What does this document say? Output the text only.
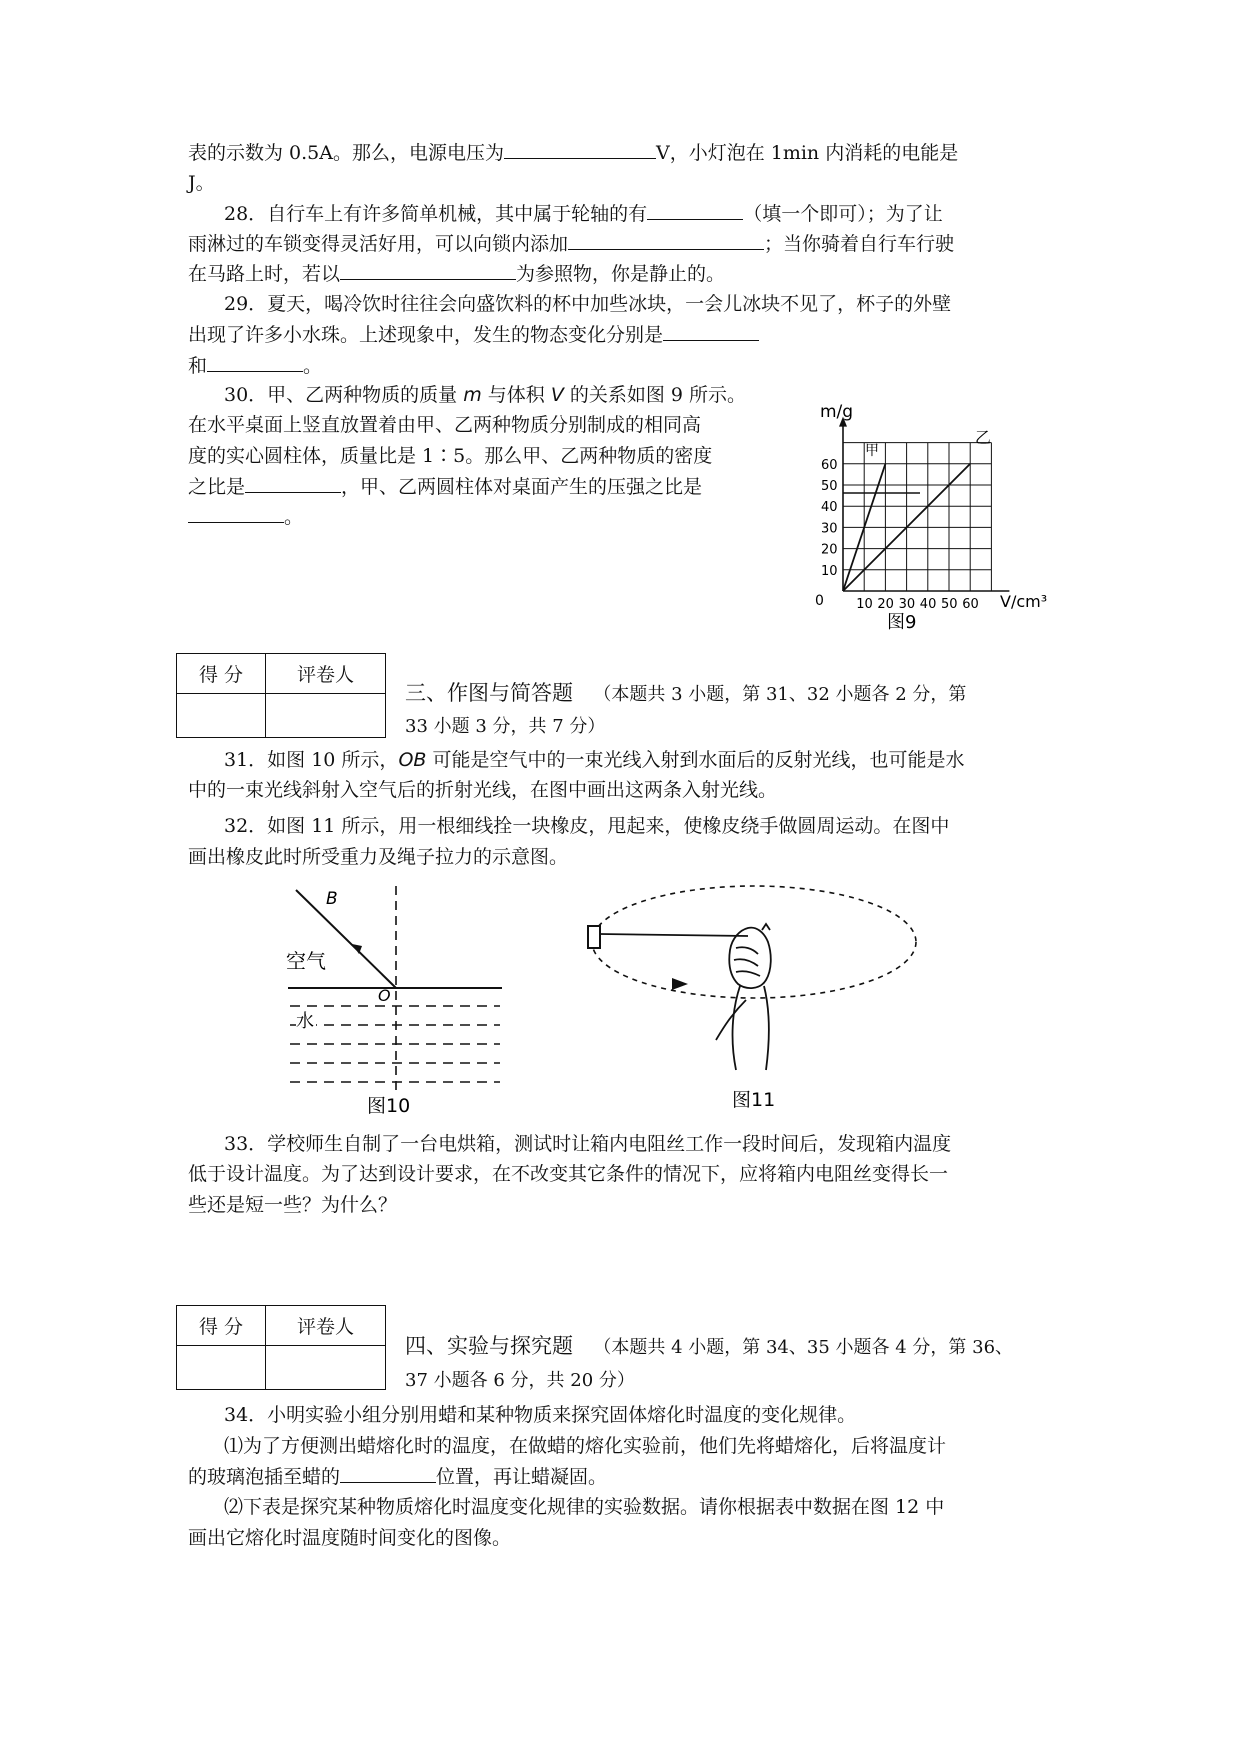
表的示数为 0.5A。那么，电源电压为	V，小灯泡在 1min 内消耗的电能是
J。
28．自行车上有许多简单机械，其中属于轮轴的有	（填一个即可）；为了让
雨淋过的车锁变得灵活好用，可以向锁内添加	；当你骑着自行车行驶
在马路上时，若以	为参照物，你是静止的。
29．夏天，喝冷饮时往往会向盛饮料的杯中加些冰块，一会儿冰块不见了，杯子的外壁
出现了许多小水珠。上述现象中，发生的物态变化分别是
和	。
30．甲、乙两种物质的质量 m 与体积 V 的关系如图 9 所示。
在水平桌面上竖直放置着由甲、乙两种物质分别制成的相同高
度的实心圆柱体，质量比是 1∶5。那么甲、乙两种物质的密度
之比是	，甲、乙两圆柱体对桌面产生的压强之比是
。
10 20 30 40 50 60
10
20
30
40
50
60
m/g
V/cm³
0
甲
乙
图9
得 分	评卷人

三、作图与简答题 （本题共 3 小题，第 31、32 小题各 2 分，第
33 小题 3 分，共 7 分）
31．如图 10 所示，OB 可能是空气中的一束光线入射到水面后的反射光线，也可能是水
中的一束光线斜射入空气后的折射光线，在图中画出这两条入射光线。
32．如图 11 所示，用一根细线拴一块橡皮，甩起来，使橡皮绕手做圆周运动。在图中
画出橡皮此时所受重力及绳子拉力的示意图。
B
空气
O
水
图10	图11
33．学校师生自制了一台电烘箱，测试时让箱内电阻丝工作一段时间后，发现箱内温度
低于设计温度。为了达到设计要求，在不改变其它条件的情况下，应将箱内电阻丝变得长一
些还是短一些？为什么？
得 分	评卷人

四、实验与探究题 （本题共 4 小题，第 34、35 小题各 4 分，第 36、
37 小题各 6 分，共 20 分）
34．小明实验小组分别用蜡和某种物质来探究固体熔化时温度的变化规律。
⑴为了方便测出蜡熔化时的温度，在做蜡的熔化实验前，他们先将蜡熔化，后将温度计
的玻璃泡插至蜡的	位置，再让蜡凝固。
⑵下表是探究某种物质熔化时温度变化规律的实验数据。请你根据表中数据在图 12 中
画出它熔化时温度随时间变化的图像。
